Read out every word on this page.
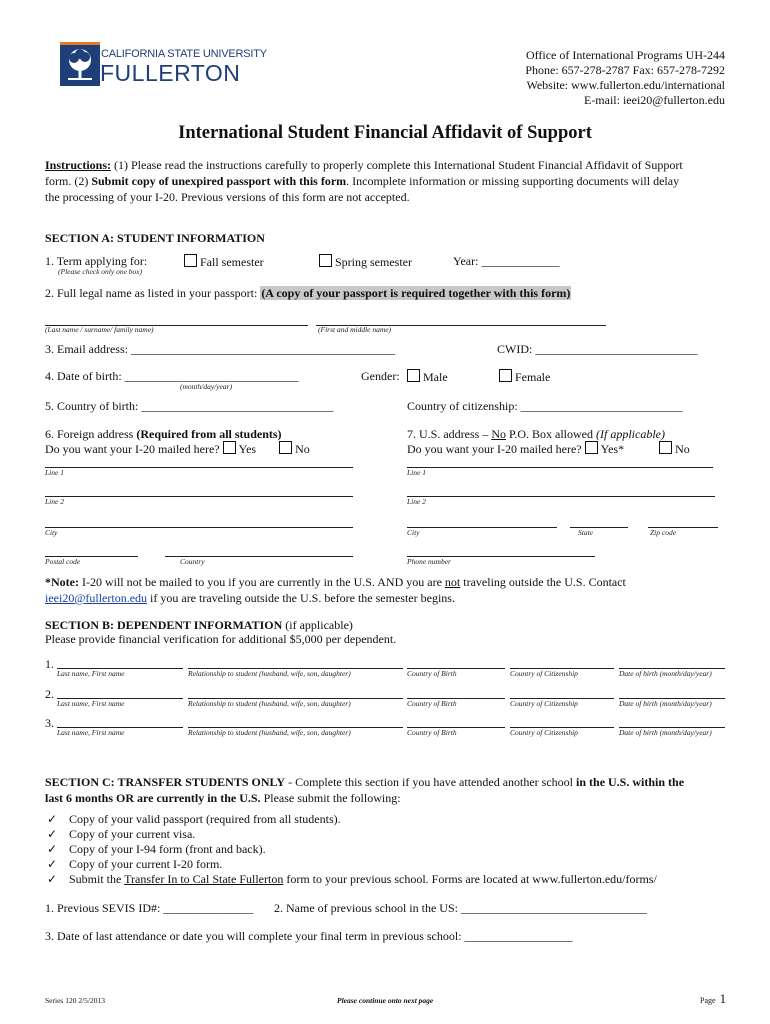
CALIFORNIA STATE UNIVERSITY
FULLERTON
Office of International Programs UH-244
Phone: 657-278-2787 Fax: 657-278-7292
Website: www.fullerton.edu/international
E-mail: ieei20@fullerton.edu
International Student Financial Affidavit of Support
Instructions: (1) Please read the instructions carefully to properly complete this International Student Financial Affidavit of Support
form. (2) Submit copy of unexpired passport with this form. Incomplete information or missing supporting documents will delay
the processing of your I-20. Previous versions of this form are not accepted.
SECTION A: STUDENT INFORMATION
1. Term applying for:
(Please check only one box)
Fall semester	Spring semester	Year: _____________
2. Full legal name as listed in your passport: (A copy of your passport is required together with this form)
(Last name / surname/ family name)	(First and middle name)
3. Email address: ____________________________________________	CWID: ___________________________
4. Date of birth: _____________________________
(month/day/year)
Gender:	Male	Female
5. Country of birth: ________________________________	Country of citizenship: ___________________________
6. Foreign address (Required from all students)
Do you want your I-20 mailed here? Yes	No
7. U.S. address – No P.O. Box allowed (If applicable)
Do you want your I-20 mailed here? Yes*	No
Line 1
Line 2
City
Postal code	Country
Line 1
Line 2
City	State	Zip code
Phone number
*Note: I-20 will not be mailed to you if you are currently in the U.S. AND you are not traveling outside the U.S. Contact
ieei20@fullerton.edu if you are traveling outside the U.S. before the semester begins.
SECTION B: DEPENDENT INFORMATION (if applicable)
Please provide financial verification for additional $5,000 per dependent.
1.
Last name, First name	Relationship to student (husband, wife, son, daughter)	Country of Birth	Country of Citizenship	Date of birth (month/day/year)
2.
Last name, First name	Relationship to student (husband, wife, son, daughter)	Country of Birth	Country of Citizenship	Date of birth (month/day/year)
3.
Last name, First name	Relationship to student (husband, wife, son, daughter)	Country of Birth	Country of Citizenship	Date of birth (month/day/year)
SECTION C: TRANSFER STUDENTS ONLY - Complete this section if you have attended another school in the U.S. within the
last 6 months OR are currently in the U.S. Please submit the following:
✓ Copy of your valid passport (required from all students).
✓ Copy of your current visa.
✓ Copy of your I-94 form (front and back).
✓ Copy of your current I-20 form.
✓ Submit the Transfer In to Cal State Fullerton form to your previous school. Forms are located at www.fullerton.edu/forms/
1. Previous SEVIS ID#: _______________ 2. Name of previous school in the US: _______________________________
3. Date of last attendance or date you will complete your final term in previous school: __________________
Series 120 2/5/2013	Please continue onto next page	Page 1
